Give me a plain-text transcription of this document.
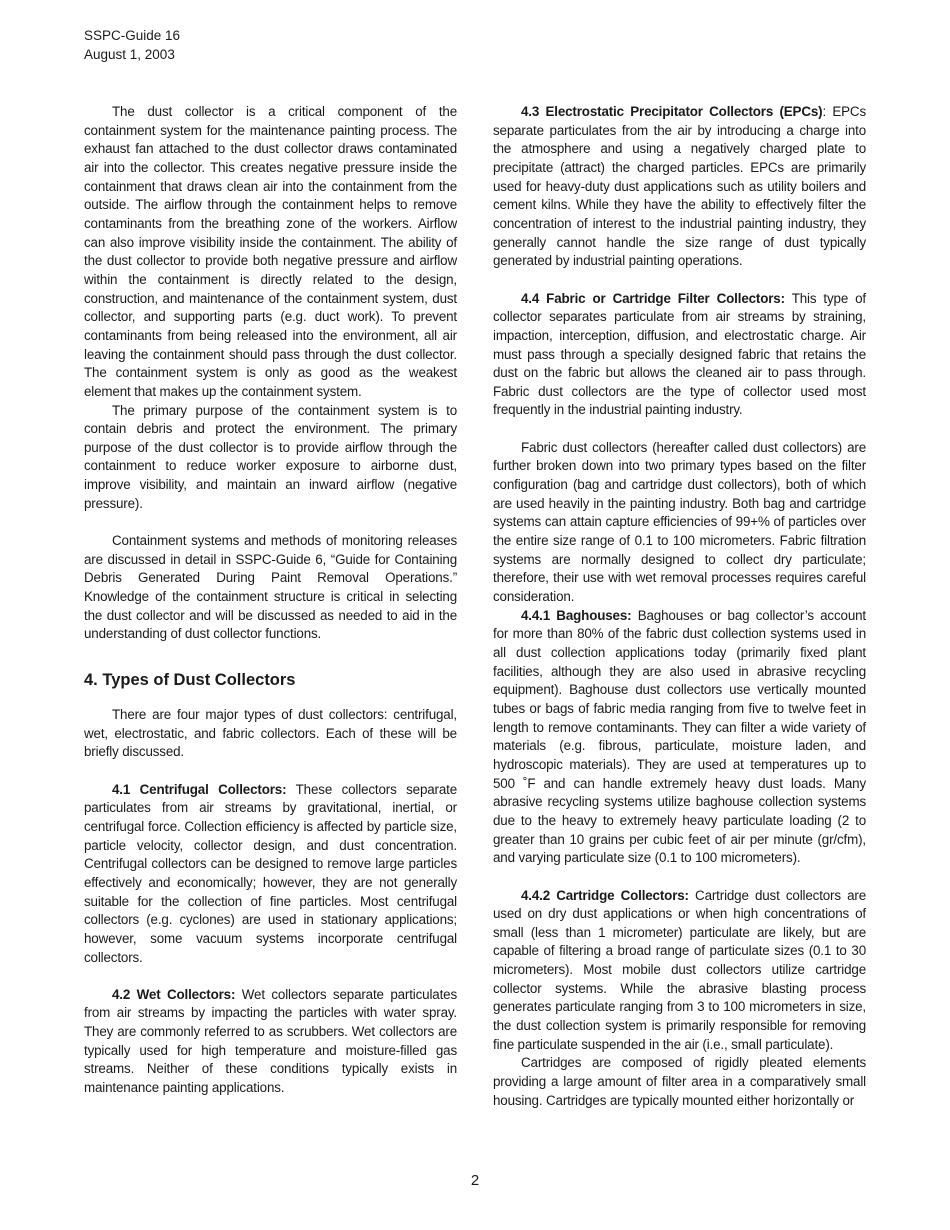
SSPC-Guide 16
August 1, 2003

The dust collector is a critical component of the containment system for the maintenance painting process. The exhaust fan attached to the dust collector draws contaminated air into the collector. This creates negative pressure inside the containment that draws clean air into the containment from the outside. The airflow through the containment helps to remove contaminants from the breathing zone of the workers. Airflow can also improve visibility inside the containment. The ability of the dust collector to provide both negative pressure and airflow within the containment is directly related to the design, construction, and maintenance of the containment system, dust collector, and supporting parts (e.g. duct work). To prevent contaminants from being released into the environment, all air leaving the containment should pass through the dust collector. The containment system is only as good as the weakest element that makes up the containment system.

The primary purpose of the containment system is to contain debris and protect the environment. The primary purpose of the dust collector is to provide airflow through the containment to reduce worker exposure to airborne dust, improve visibility, and maintain an inward airflow (negative pressure).

Containment systems and methods of monitoring releases are discussed in detail in SSPC-Guide 6, “Guide for Containing Debris Generated During Paint Removal Operations.” Knowledge of the containment structure is critical in selecting the dust collector and will be discussed as needed to aid in the understanding of dust collector functions.

4. Types of Dust Collectors

There are four major types of dust collectors: centrifugal, wet, electrostatic, and fabric collectors. Each of these will be briefly discussed.

4.1 Centrifugal Collectors: These collectors separate particulates from air streams by gravitational, inertial, or centrifugal force. Collection efficiency is affected by particle size, particle velocity, collector design, and dust concentration. Centrifugal collectors can be designed to remove large particles effectively and economically; however, they are not generally suitable for the collection of fine particles. Most centrifugal collectors (e.g. cyclones) are used in stationary applications; however, some vacuum systems incorporate centrifugal collectors.

4.2 Wet Collectors: Wet collectors separate particulates from air streams by impacting the particles with water spray. They are commonly referred to as scrubbers. Wet collectors are typically used for high temperature and moisture-filled gas streams. Neither of these conditions typically exists in maintenance painting applications.

4.3 Electrostatic Precipitator Collectors (EPCs): EPCs separate particulates from the air by introducing a charge into the atmosphere and using a negatively charged plate to precipitate (attract) the charged particles. EPCs are primarily used for heavy-duty dust applications such as utility boilers and cement kilns. While they have the ability to effectively filter the concentration of interest to the industrial painting industry, they generally cannot handle the size range of dust typically generated by industrial painting operations.

4.4 Fabric or Cartridge Filter Collectors: This type of collector separates particulate from air streams by straining, impaction, interception, diffusion, and electrostatic charge. Air must pass through a specially designed fabric that retains the dust on the fabric but allows the cleaned air to pass through. Fabric dust collectors are the type of collector used most frequently in the industrial painting industry.

Fabric dust collectors (hereafter called dust collectors) are further broken down into two primary types based on the filter configuration (bag and cartridge dust collectors), both of which are used heavily in the painting industry. Both bag and cartridge systems can attain capture efficiencies of 99+% of particles over the entire size range of 0.1 to 100 micrometers. Fabric filtration systems are normally designed to collect dry particulate; therefore, their use with wet removal processes requires careful consideration.

4.4.1 Baghouses: Baghouses or bag collector’s account for more than 80% of the fabric dust collection systems used in all dust collection applications today (primarily fixed plant facilities, although they are also used in abrasive recycling equipment). Baghouse dust collectors use vertically mounted tubes or bags of fabric media ranging from five to twelve feet in length to remove contaminants. They can filter a wide variety of materials (e.g. fibrous, particulate, moisture laden, and hydroscopic materials). They are used at temperatures up to 500 ˚F and can handle extremely heavy dust loads. Many abrasive recycling systems utilize baghouse collection systems due to the heavy to extremely heavy particulate loading (2 to greater than 10 grains per cubic feet of air per minute (gr/cfm), and varying particulate size (0.1 to 100 micrometers).

4.4.2 Cartridge Collectors: Cartridge dust collectors are used on dry dust applications or when high concentrations of small (less than 1 micrometer) particulate are likely, but are capable of filtering a broad range of particulate sizes (0.1 to 30 micrometers). Most mobile dust collectors utilize cartridge collector systems. While the abrasive blasting process generates particulate ranging from 3 to 100 micrometers in size, the dust collection system is primarily responsible for removing fine particulate suspended in the air (i.e., small particulate).

Cartridges are composed of rigidly pleated elements providing a large amount of filter area in a comparatively small housing. Cartridges are typically mounted either horizontally or

2
